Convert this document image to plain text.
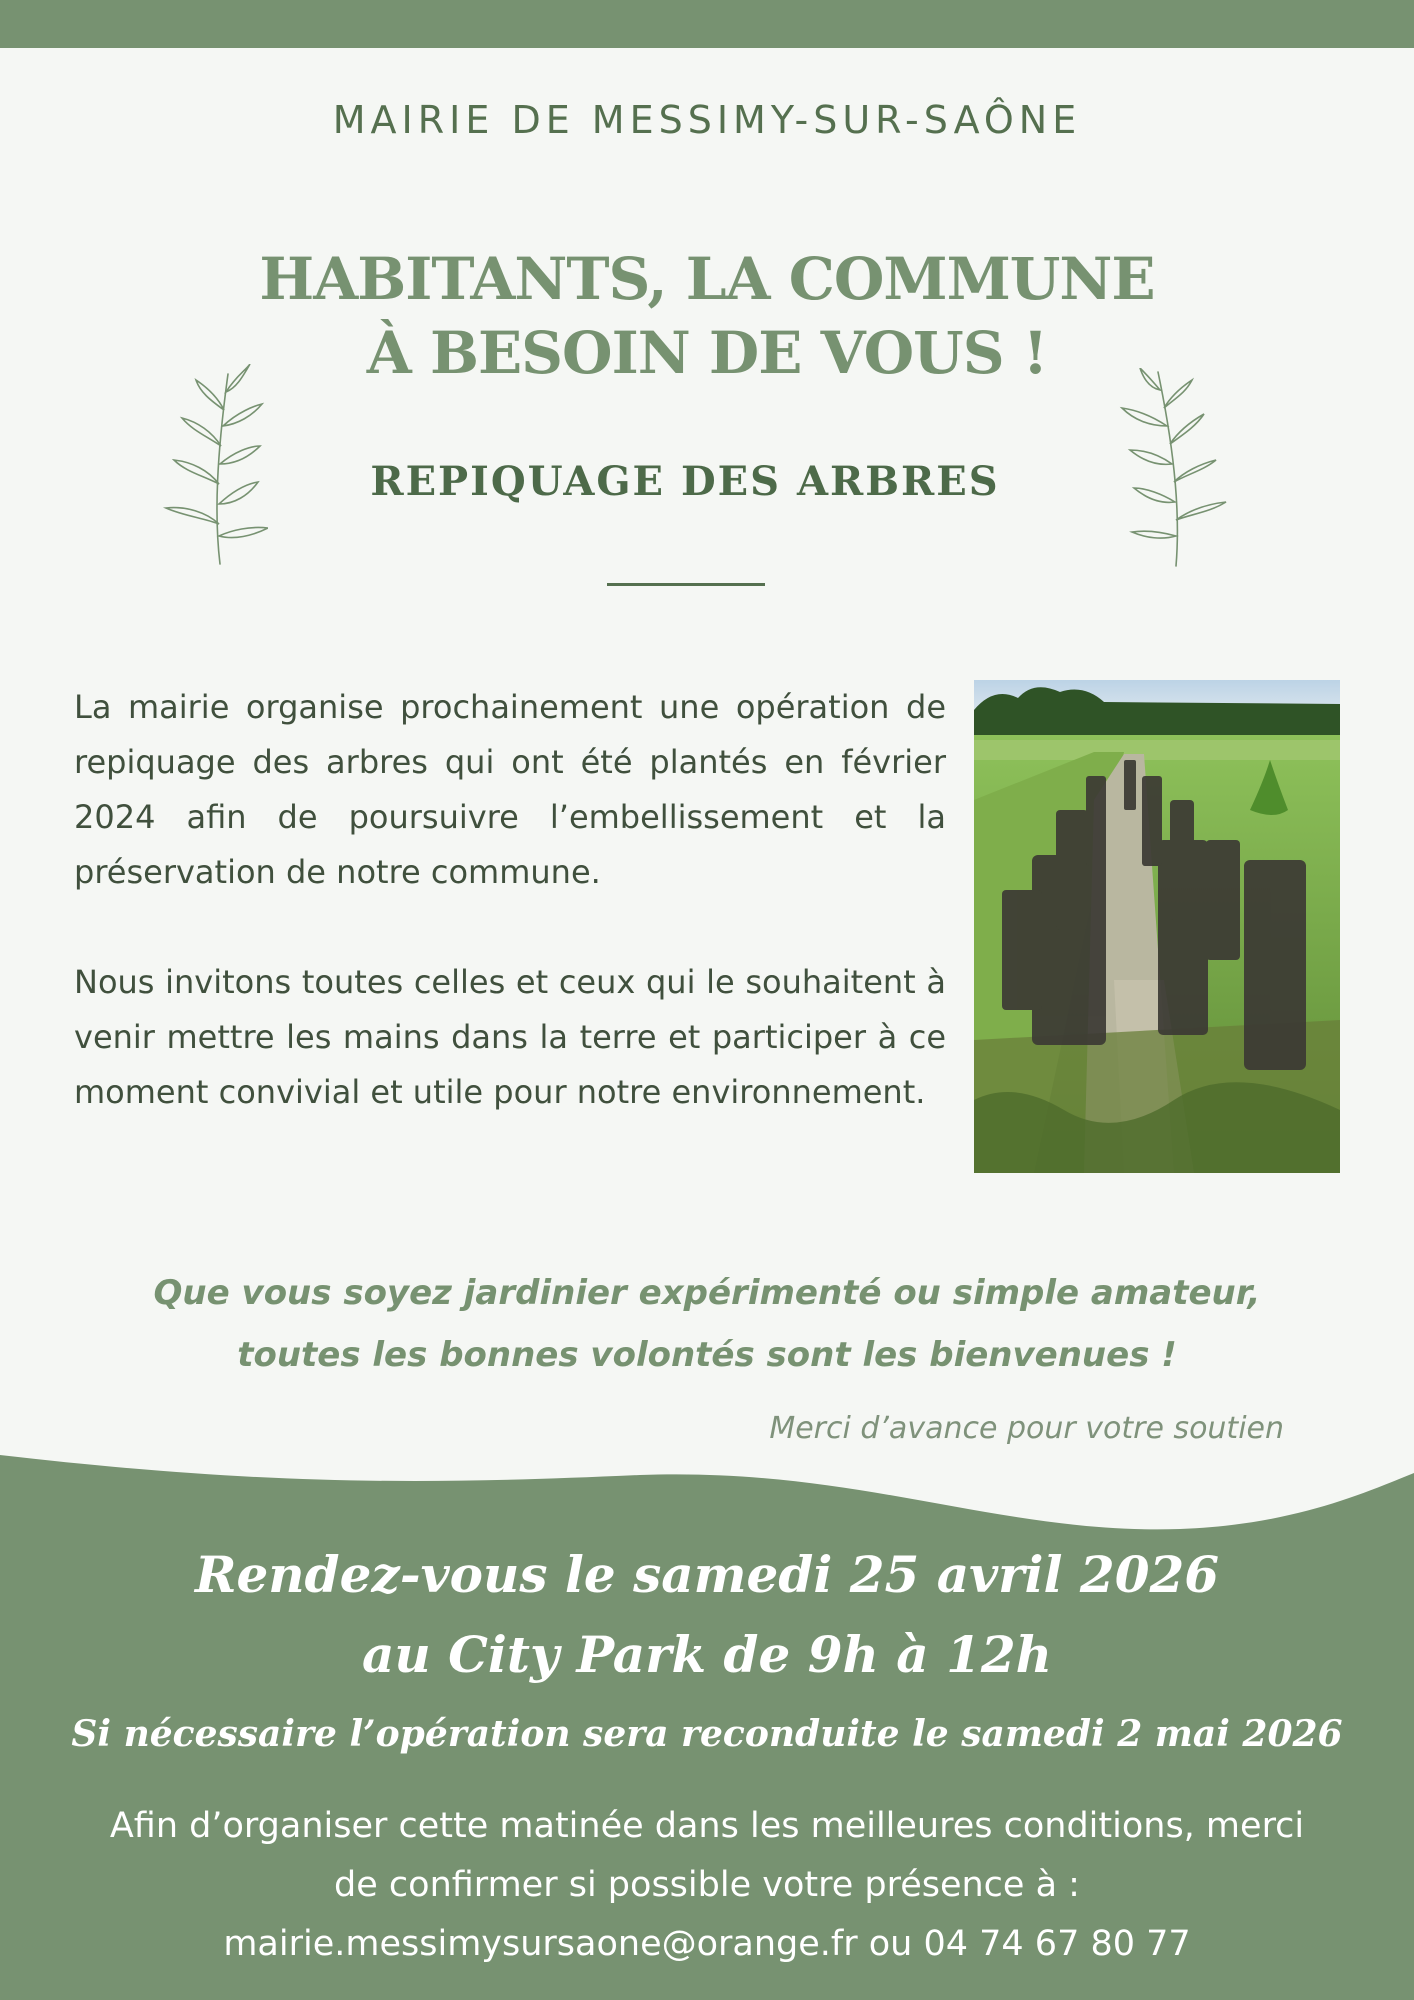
MAIRIE DE MESSIMY-SUR-SAÔNE
HABITANTS, LA COMMUNE
À BESOIN DE VOUS !
REPIQUAGE DES ARBRES
La mairie organise prochainement une opération de repiquage des arbres qui ont été plantés en février 2024 afin de poursuivre l’embellissement et la préservation de notre commune.
Nous invitons toutes celles et ceux qui le souhaitent à venir mettre les mains dans la terre et participer à ce moment convivial et utile pour notre environnement.
Que vous soyez jardinier expérimenté ou simple amateur,
toutes les bonnes volontés sont les bienvenues !
Merci d’avance pour votre soutien
Rendez-vous le samedi 25 avril 2026
au City Park de 9h à 12h
Si nécessaire l’opération sera reconduite le samedi 2 mai 2026
Afin d’organiser cette matinée dans les meilleures conditions, merci
de confirmer si possible votre présence à :
mairie.messimysursaone@orange.fr ou 04 74 67 80 77
